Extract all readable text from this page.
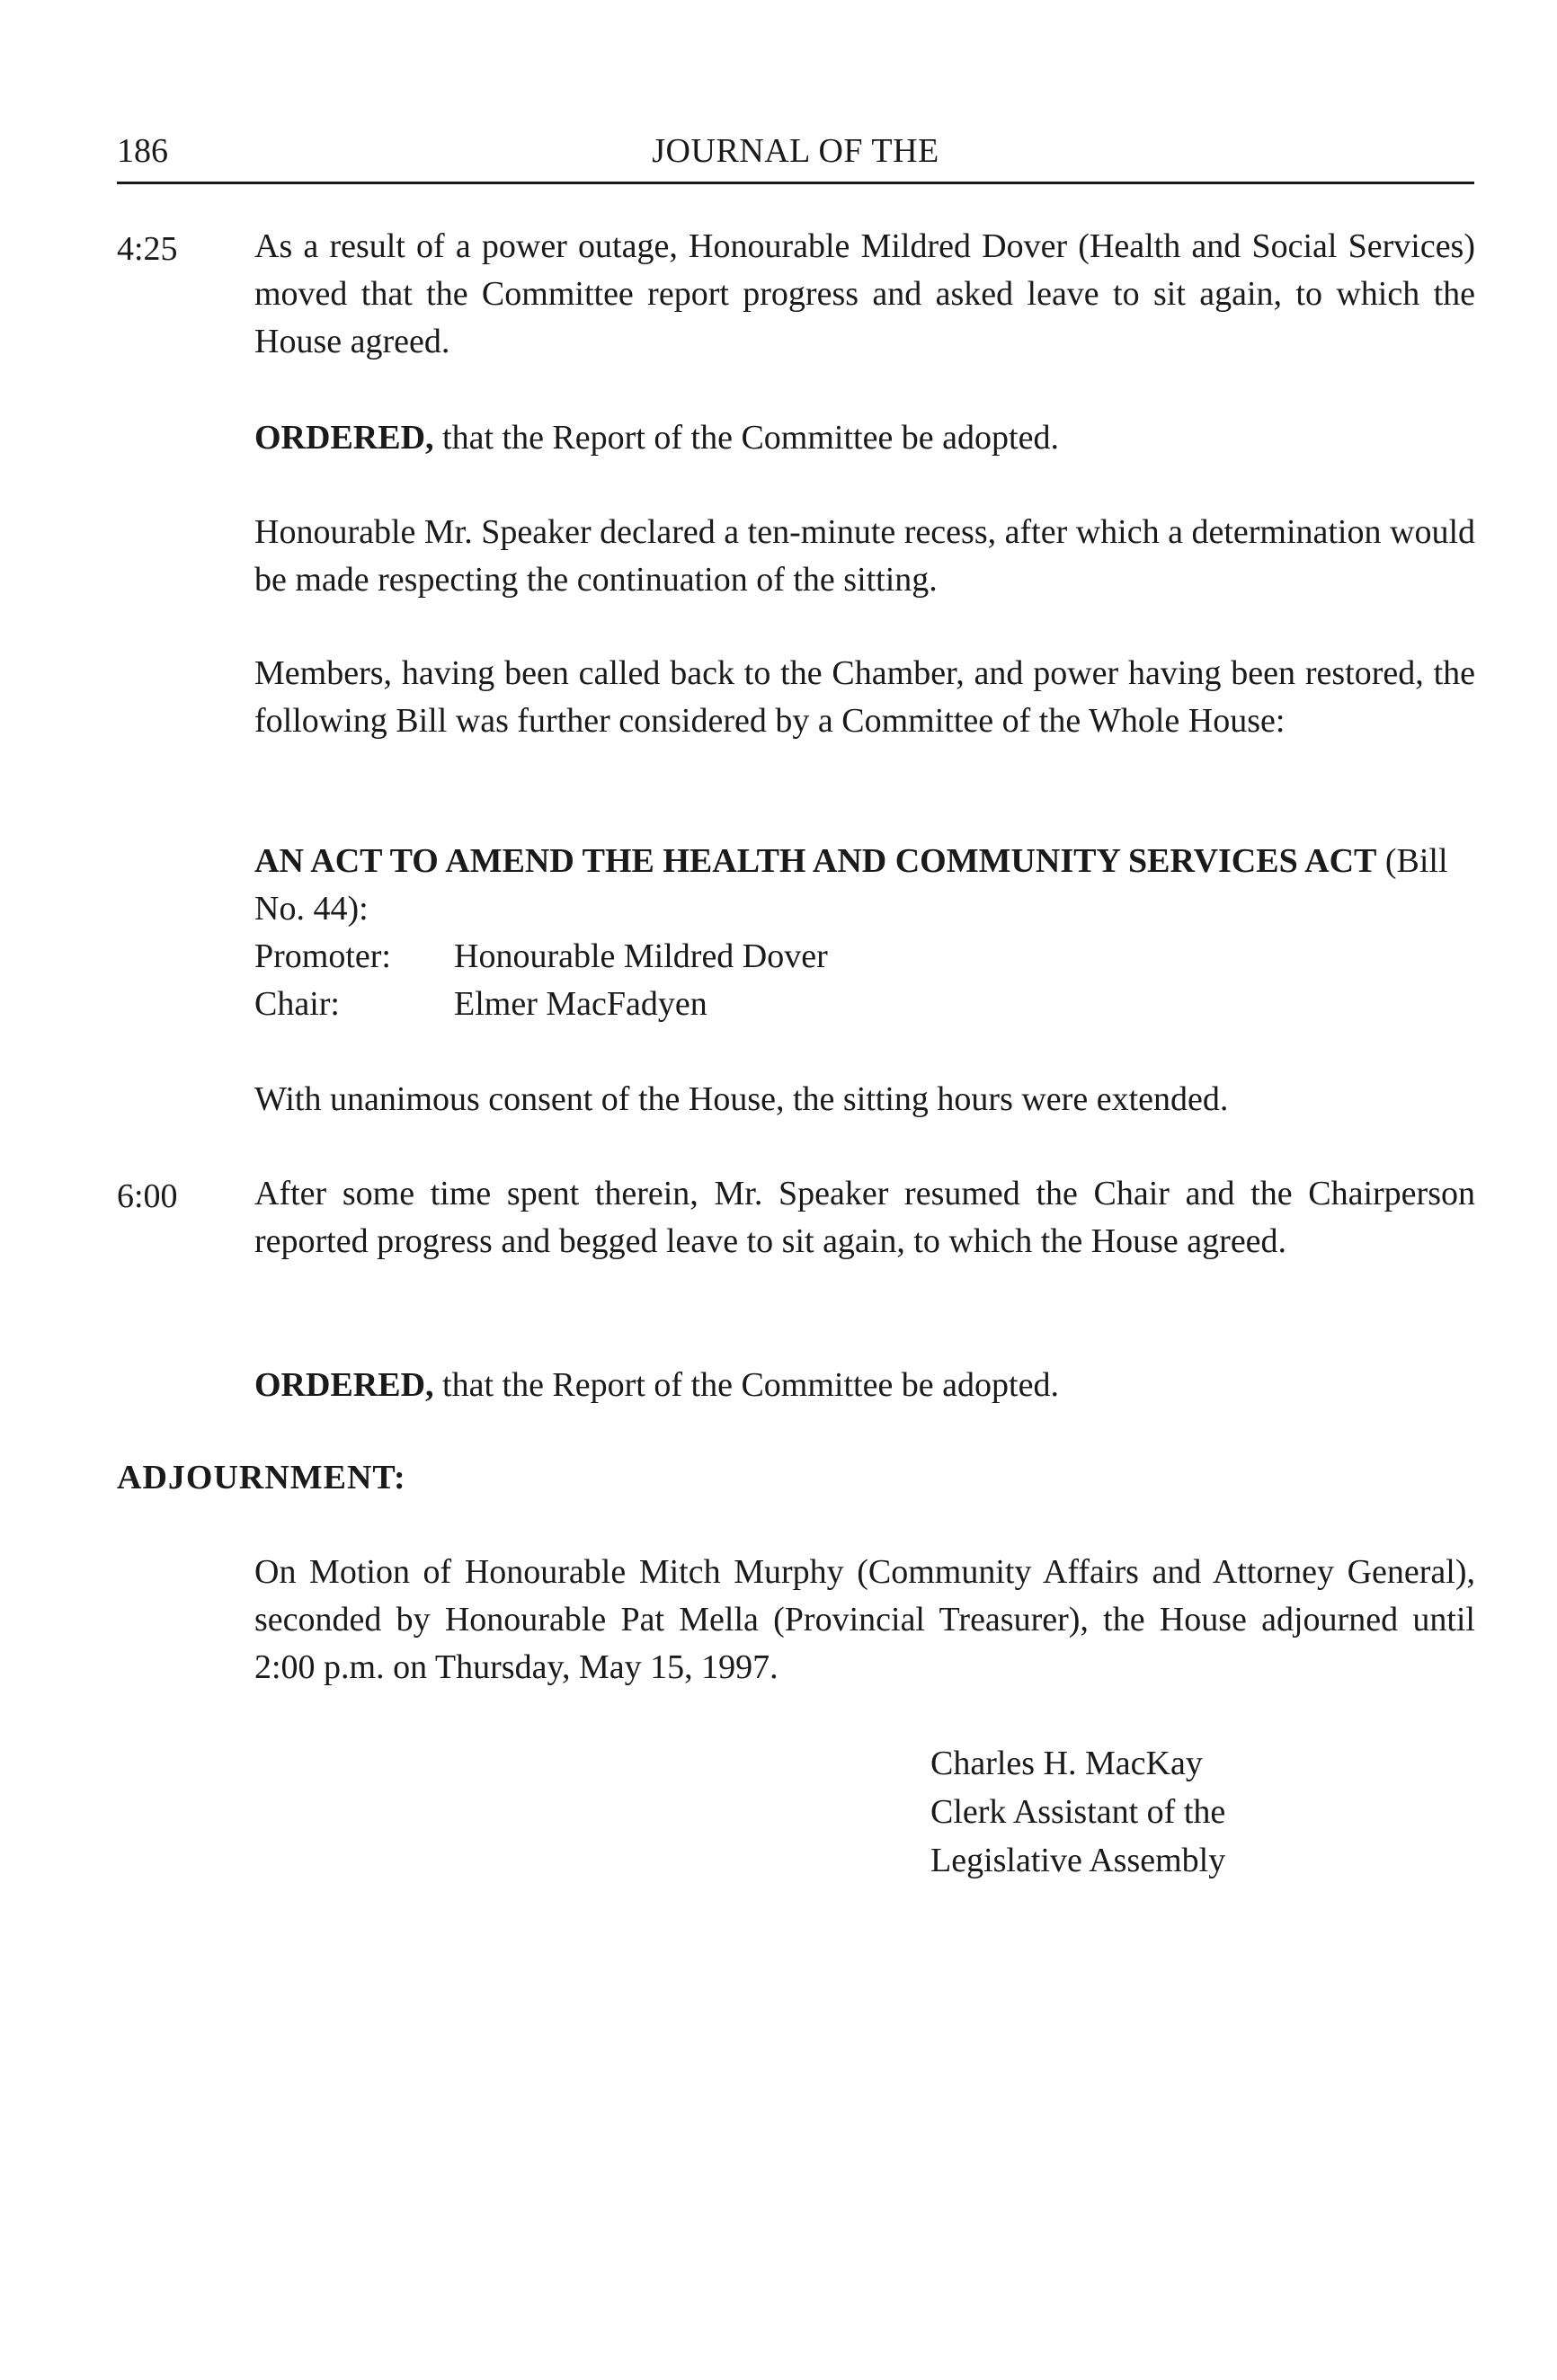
186	JOURNAL OF THE
4:25 As a result of a power outage, Honourable Mildred Dover (Health and Social Services) moved that the Committee report progress and asked leave to sit again, to which the House agreed.

ORDERED, that the Report of the Committee be adopted.

Honourable Mr. Speaker declared a ten-minute recess, after which a determination would be made respecting the continuation of the sitting.

Members, having been called back to the Chamber, and power having been restored, the following Bill was further considered by a Committee of the Whole House:

AN ACT TO AMEND THE HEALTH AND COMMUNITY SERVICES ACT (Bill No. 44):

Promoter: Honourable Mildred Dover
Chair:	Elmer MacFadyen

With unanimous consent of the House, the sitting hours were extended.

6:00 After some time spent therein, Mr. Speaker resumed the Chair and the Chairperson reported progress and begged leave to sit again, to which the House agreed.

ORDERED, that the Report of the Committee be adopted.

ADJOURNMENT:

On Motion of Honourable Mitch Murphy (Community Affairs and Attorney General), seconded by Honourable Pat Mella (Provincial Treasurer), the House adjourned until 2:00 p.m. on Thursday, May 15, 1997.

Charles H. MacKay
Clerk Assistant of the
Legislative Assembly
